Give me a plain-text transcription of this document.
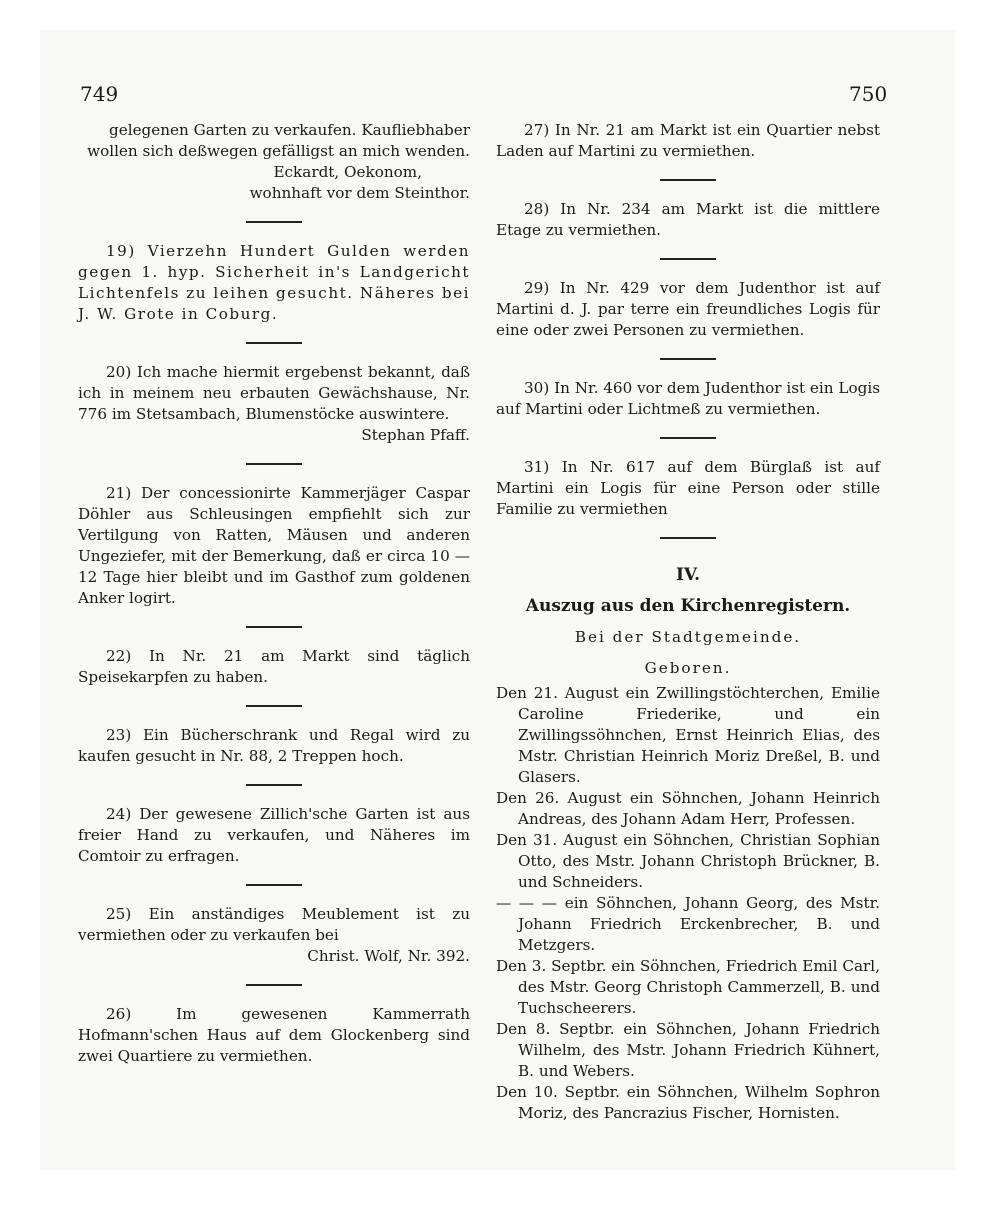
749	750
gelegenen Garten zu verkaufen. Kaufliebhaber
wollen sich deßwegen gefälligst an mich wenden.
Eckardt, Oekonom,
wohnhaft vor dem Steinthor.

19) Vierzehn Hundert Gulden werden gegen 1. hyp. Sicherheit in's Landgericht Lichtenfels zu leihen gesucht. Näheres bei J. W. Grote in Coburg.

20) Ich mache hiermit ergebenst bekannt, daß ich in meinem neu erbauten Gewächshause, Nr. 776 im Stetsambach, Blumenstöcke auswintere.

Stephan Pfaff.

21) Der concessionirte Kammerjäger Caspar Döhler aus Schleusingen empfiehlt sich zur Vertilgung von Ratten, Mäusen und anderen Ungeziefer, mit der Bemerkung, daß er circa 10 — 12 Tage hier bleibt und im Gasthof zum goldenen Anker logirt.

22) In Nr. 21 am Markt sind täglich Speisekarpfen zu haben.

23) Ein Bücherschrank und Regal wird zu kaufen gesucht in Nr. 88, 2 Treppen hoch.

24) Der gewesene Zillich'sche Garten ist aus freier Hand zu verkaufen, und Näheres im Comtoir zu erfragen.

25) Ein anständiges Meublement ist zu vermiethen oder zu verkaufen bei

Christ. Wolf, Nr. 392.

26) Im gewesenen Kammerrath Hofmann'schen Haus auf dem Glockenberg sind zwei Quartiere zu vermiethen.

27) In Nr. 21 am Markt ist ein Quartier nebst Laden auf Martini zu vermiethen.

28) In Nr. 234 am Markt ist die mittlere Etage zu vermiethen.

29) In Nr. 429 vor dem Judenthor ist auf Martini d. J. par terre ein freundliches Logis für eine oder zwei Personen zu vermiethen.

30) In Nr. 460 vor dem Judenthor ist ein Logis auf Martini oder Lichtmeß zu vermiethen.

31) In Nr. 617 auf dem Bürglaß ist auf Martini ein Logis für eine Person oder stille Familie zu vermiethen

IV.
Auszug aus den Kirchenregistern.
Bei der Stadtgemeinde.
Geboren.

Den 21. August ein Zwillingstöchterchen, Emilie Caroline Friederike, und ein Zwillingssöhnchen, Ernst Heinrich Elias, des Mstr. Christian Heinrich Moriz Dreßel, B. und Glasers.

Den 26. August ein Söhnchen, Johann Heinrich Andreas, des Johann Adam Herr, Professen.

Den 31. August ein Söhnchen, Christian Sophian Otto, des Mstr. Johann Christoph Brückner, B. und Schneiders.

— — — ein Söhnchen, Johann Georg, des Mstr. Johann Friedrich Erckenbrecher, B. und Metzgers.

Den 3. Septbr. ein Söhnchen, Friedrich Emil Carl, des Mstr. Georg Christoph Cammerzell, B. und Tuchscheerers.

Den 8. Septbr. ein Söhnchen, Johann Friedrich Wilhelm, des Mstr. Johann Friedrich Kühnert, B. und Webers.

Den 10. Septbr. ein Söhnchen, Wilhelm Sophron Moriz, des Pancrazius Fischer, Hornisten.
